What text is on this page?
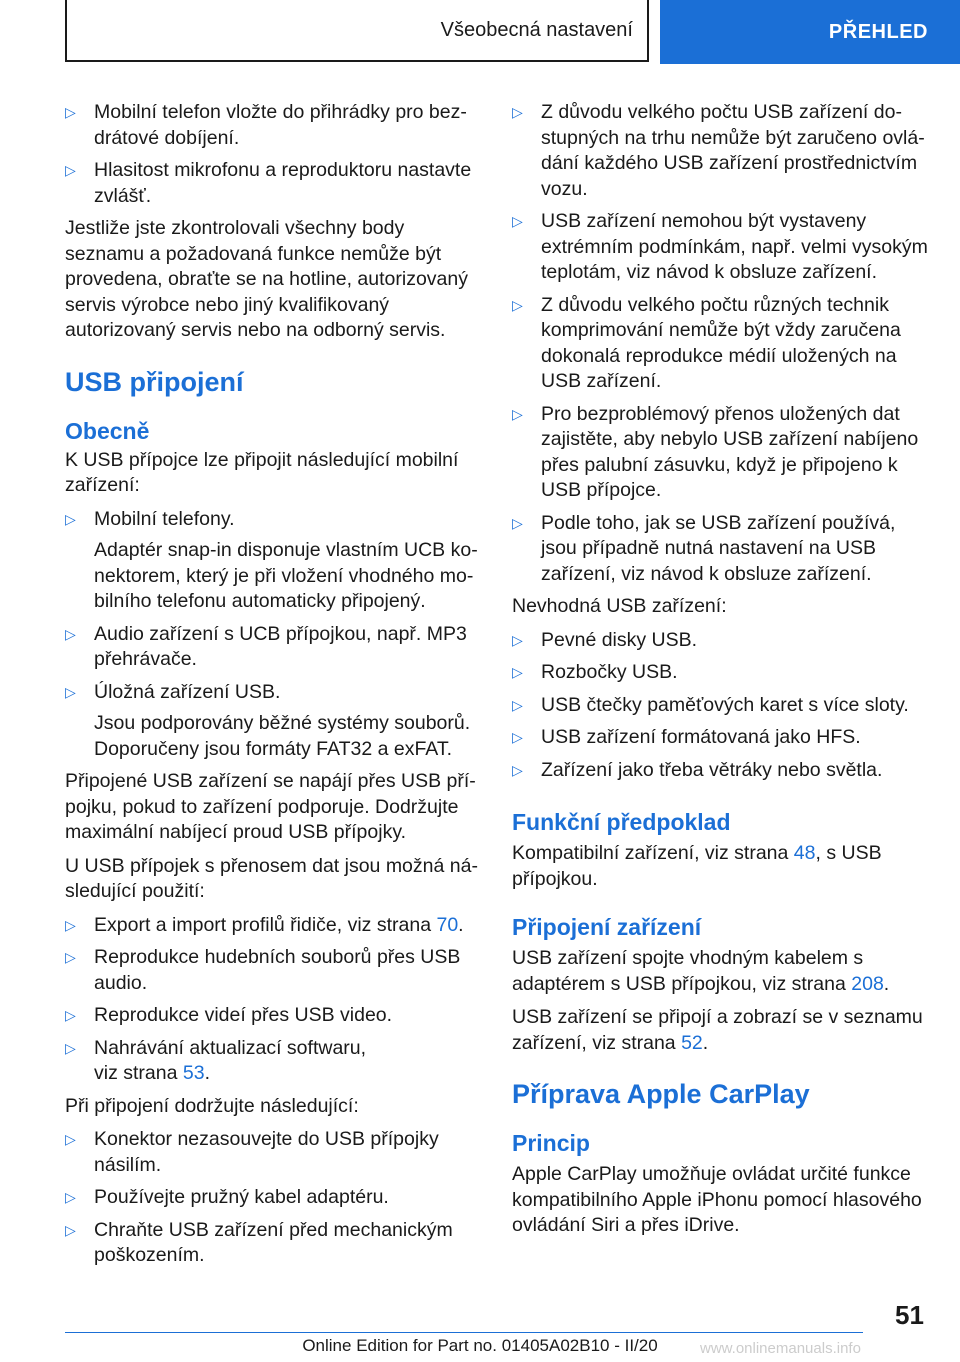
Všeobecná nastavení	PŘEHLED
▷ Mobilní telefon vložte do přihrádky pro bezdrátové dobíjení.
▷ Hlasitost mikrofonu a reproduktoru nastavte zvlášť.

Jestliže jste zkontrolovali všechny body seznamu a požadovaná funkce nemůže být provedena, obraťte se na hotline, autorizovaný servis výrobce nebo jiný kvalifikovaný autorizovaný servis nebo na odborný servis.

USB připojení
Obecně

K USB přípojce lze připojit následující mobilní zařízení:

▷ Mobilní telefony.
Adaptér snap-in disponuje vlastním UCB konektorem, který je při vložení vhodného mobilního telefonu automaticky připojený.
▷ Audio zařízení s UCB přípojkou, např. MP3 přehrávače.
▷ Úložná zařízení USB.
Jsou podporovány běžné systémy souborů. Doporučeny jsou formáty FAT32 a exFAT.

Připojené USB zařízení se napájí přes USB přípojku, pokud to zařízení podporuje. Dodržujte maximální nabíjecí proud USB přípojky.

U USB přípojek s přenosem dat jsou možná následující použití:

▷ Export a import profilů řidiče, viz strana 70.
▷ Reprodukce hudebních souborů přes USB audio.
▷ Reprodukce videí přes USB video.
▷ Nahrávání aktualizací softwaru, viz strana 53.

Při připojení dodržujte následující:

▷ Konektor nezasouvejte do USB přípojky násilím.
▷ Používejte pružný kabel adaptéru.
▷ Chraňte USB zařízení před mechanickým poškozením.
▷ Z důvodu velkého počtu USB zařízení dostupných na trhu nemůže být zaručeno ovládání každého USB zařízení prostřednictvím vozu.
▷ USB zařízení nemohou být vystaveny extrémním podmínkám, např. velmi vysokým teplotám, viz návod k obsluze zařízení.
▷ Z důvodu velkého počtu různých technik komprimování nemůže být vždy zaručena dokonalá reprodukce médií uložených na USB zařízení.
▷ Pro bezproblémový přenos uložených dat zajistěte, aby nebylo USB zařízení nabíjeno přes palubní zásuvku, když je připojeno k USB přípojce.
▷ Podle toho, jak se USB zařízení používá, jsou případně nutná nastavení na USB zařízení, viz návod k obsluze zařízení.

Nevhodná USB zařízení:

▷ Pevné disky USB.
▷ Rozbočky USB.
▷ USB čtečky paměťových karet s více sloty.
▷ USB zařízení formátovaná jako HFS.
▷ Zařízení jako třeba větráky nebo světla.
Funkční předpoklad

Kompatibilní zařízení, viz strana 48, s USB přípojkou.

Připojení zařízení

USB zařízení spojte vhodným kabelem s adaptérem s USB přípojkou, viz strana 208.

USB zařízení se připojí a zobrazí se v seznamu zařízení, viz strana 52.

Příprava Apple CarPlay
Princip

Apple CarPlay umožňuje ovládat určité funkce kompatibilního Apple iPhonu pomocí hlasového ovládání Siri a přes iDrive.

51
Online Edition for Part no. 01405A02B10 - II/20	www.onlinemanuals.info
